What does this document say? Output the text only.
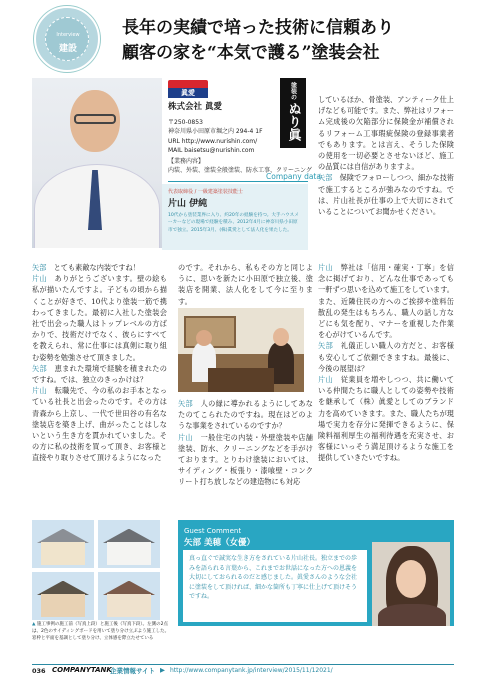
Interview
建設
長年の実績で培った技術に信頼あり
顧客の家を“本気で護る”塗装会社
眞愛
株式会社 眞愛
〒250-0853
神奈川県小田原市堀之内 294-4 1F
URL http://www.nurishin.com/
MAIL baisetsu@nurishin.com
【業務内容】
内装、外装、塗装全般塗装、防水工事、クリーニング
塗装の
ぬり眞
Company data
代表取締役 / 一級建築塗装技能士
片山 伊純
10代から塗装業界に入り、約20年の経験を持つ。大手ハウスメーカーなどの現場で経験を積み、2012年4月に神奈川県小田原市で独立。2015年3月、(株)眞愛として法人化を果たした。

しているほか、骨塗装、アンティーク仕上げなども可能です。また、弊社はリフォーム完成後の欠陥部分に保険金が補償されるリフォーム工事瑕疵保険の登録事業者でもあります。とは言え、そうした保険の使用を一切必要とさせないほど、施工の品質には自信がありますよ。

矢部　 保険でフォローしつつ、細かな技術で施工するところが強みなのですね。では、片山社長が仕事の上で大切にされていることについてお聞かせください。

矢部　 とても素敵な内装ですね！

片山　 ありがとうございます。壁の絵も私が描いたんですよ。子どもの頃から描くことが好きで、10代より塗装一筋で携わってきました。最初に入社した塗装会社で出会った職人はトップレベルの方ばかりで、技術だけでなく、彼らにすべてを教えられ、常に仕事には真剣に取り組む姿勢を勉強させて頂きました。

矢部　 恵まれた環境で経験を積まれたのですね。では、独立のきっかけは？

片山　 転職先で、今の私のお手本となっている社長と出会ったのです。その方は青森から上京し、一代で世田谷の有名な塗装店を築き上げ、曲がったことはしないという生き方を貫かれていました。その方に私の技術を買って頂き、お客様と直接やり取りさせて頂けるようになった

のです。それから、私もその方と同じように、思いを新たに小田原で独立後、塗装店を開業、法人化をして今に至ります。

矢部　 人の縁に導かれるようにしてあなたのてこられたのですね。現在はどのような事業をされているのですか？

片山　 一般住宅の内装・外壁塗装や店舗塗装、防水、クリーニングなどを手がけております。とりわけ塗装においては、サイディング・板張り・漆喰壁・コンクリート打ち放しなどの建造物にも対応

片山　 弊社は「信用・確実・丁寧」を信念に掲げており、どんな仕事であっても一軒ずつ思いを込めて施工をしています。また、近隣住民の方へのご挨拶や塗料缶散乱の発生はもちろん、職人の話し方などにも気を配り、マナーを重視した作業を心がけているんです。

矢部　 礼儀正しい職人の方だと、お客様も安心してご依頼できますね。最後に、今後の展望は？

片山　 従業員を増やしつつ、共に働いている仲間たちに職人としての姿勢や技術を継承して（株）眞愛としてのブランド力を高めていきます。また、職人たちが現場で実力を存分に発揮できるように、保険料福利厚生の福利待遇を充実させ、お客様にいっそう満足頂けるような施工を提供していきたいですね。

▲ 施工事例の施工前（写真上段）と施工後（写真下段）。左側の2点は、2色のサイディングボードを用いて塗り分け立ぶよう施工した。窓枠と平面を基調として塗り分け、立体感を際立たせている
Guest Comment
矢部 美穂（女優）
真っ直ぐで誠実な生き方をされている片山社長。独立までの歩みを語られる言葉から、これまでお世話になった方への恩義を大切にしておられるのだと感じました。眞愛さんのような会社に塗装をして頂ければ、細かな箇所も丁寧に仕上げて頂けそうですね。
036 COMPANYTANK
企業情報サイト ▶ http://www.companytank.jp/interview/2015/11/12021/
